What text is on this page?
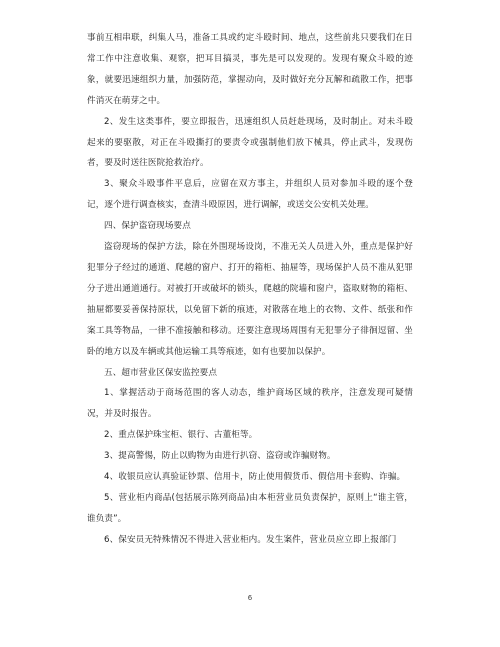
事前互相串联，纠集人马，准备工具或约定斗殴时间、地点，这些前兆只要我们在日常工作中注意收集、观察，把耳目搞灵，事先是可以发现的。发现有聚众斗殴的迹象，就要迅速组织力量，加强防范，掌握动向，及时做好充分瓦解和疏散工作，把事件消灭在萌芽之中。

2、发生这类事件，要立即报告，迅速组织人员赶赴现场，及时制止。对未斗殴起来的要驱散，对正在斗殴撕打的要责令或强制他们放下械具，停止武斗，发现伤者，要及时送往医院抢救治疗。

3、聚众斗殴事件平息后，应留在双方事主，并组织人员对参加斗殴的逐个登记，逐个进行调查核实，查清斗殴原因，进行调解，或送交公安机关处理。

四、保护盗窃现场要点

盗窃现场的保护方法，除在外围现场设岗，不准无关人员进入外，重点是保护好犯罪分子经过的通道、爬越的窗户、打开的箱柜、抽屉等，现场保护人员不准从犯罪分子进出通道通行。对被打开或破坏的锁头，爬越的院墙和窗户，盗取财物的箱柜、抽屉都要妥善保持原状，以免留下新的痕迹，对散落在地上的衣物、文件、纸张和作案工具等物品，一律不准接触和移动。还要注意现场周围有无犯罪分子徘徊逗留、坐卧的地方以及车辆或其他运输工具等痕迹，如有也要加以保护。

五、超市营业区保安监控要点

1、掌握活动于商场范围的客人动态，维护商场区域的秩序，注意发现可疑情况，并及时报告。

2、重点保护珠宝柜、银行、古董柜等。

3、提高警惕，防止以购物为由进行扒窃、盗窃或诈骗财物。

4、收银员应认真验证钞票、信用卡，防止使用假货币、假信用卡套购、诈骗。

5、营业柜内商品(包括展示陈列商品)由本柜营业员负责保护，原则上“谁主管，谁负责”。

6、保安员无特殊情况不得进入营业柜内。发生案件，营业员应立即上报部门

6
